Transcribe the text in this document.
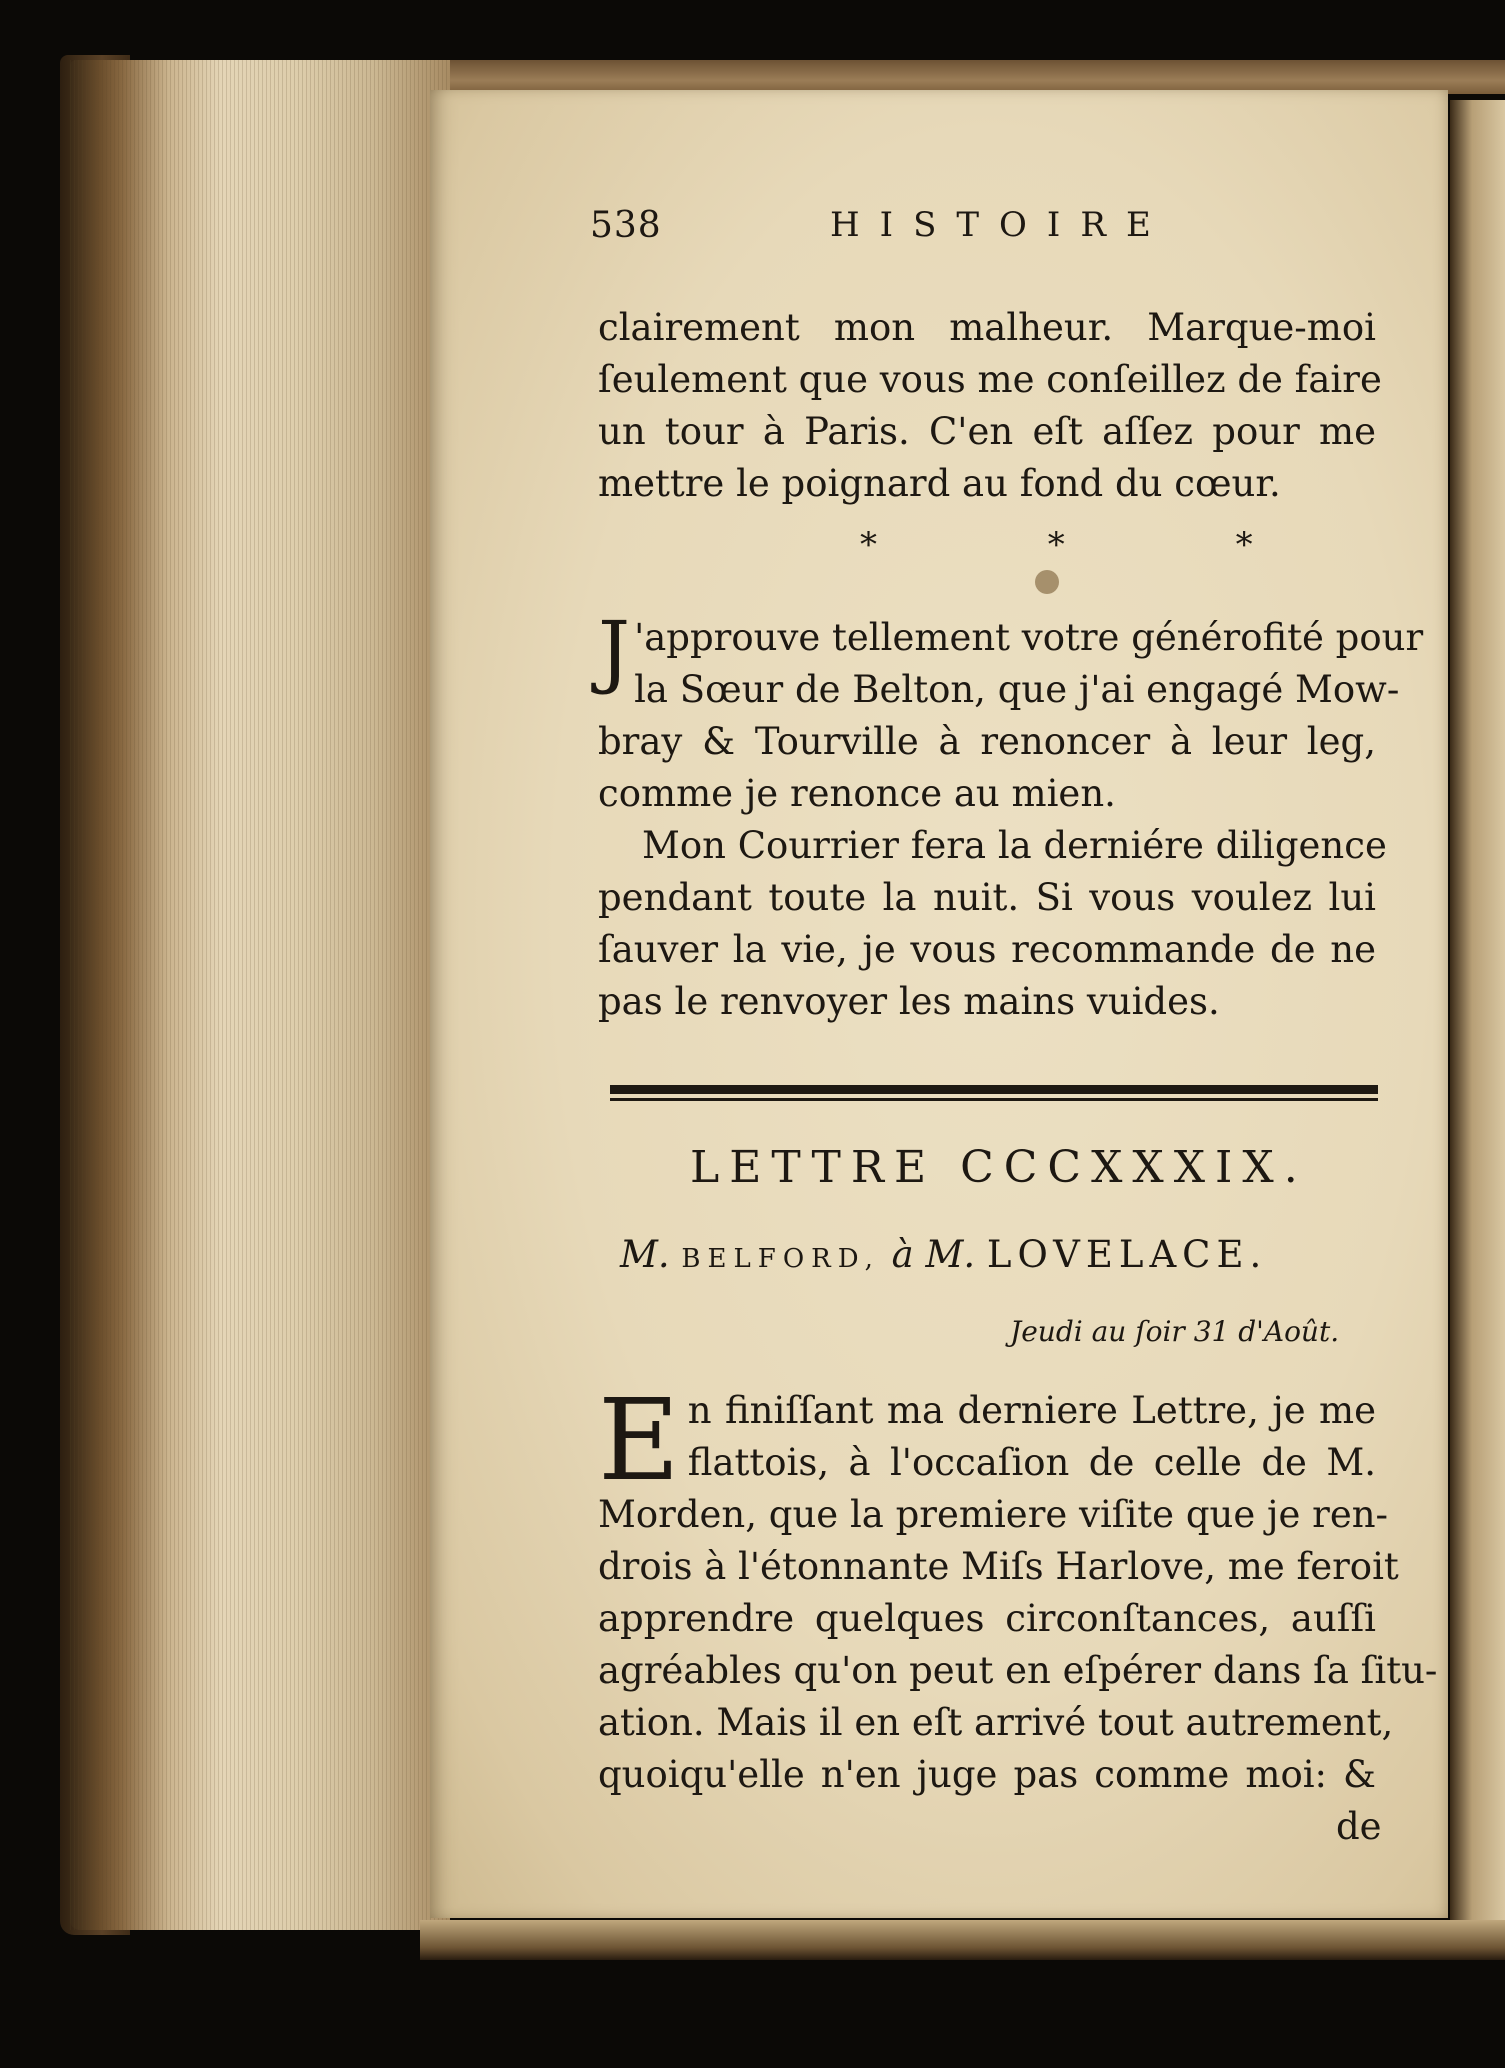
538	HISTOIRE
clairement mon malheur. Marque-moi
ſeulement que vous me conſeillez de faire
un tour à Paris. C'en eſt aſſez pour me
mettre le poignard au fond du cœur.
* * *
J 'approuve tellement votre générofité pour
la Sœur de Belton, que j'ai engagé Mow-
bray & Tourville à renoncer à leur leg,
comme je renonce au mien.
Mon Courrier fera la derniére diligence
pendant toute la nuit. Si vous voulez lui
ſauver la vie, je vous recommande de ne
pas le renvoyer les mains vuides.
LETTRE CCCXXXIX.
M. BELFORD, à M. LOVELACE.
Jeudi au ſoir 31 d'Août.
E n finiſſant ma derniere Lettre, je me
flattois, à l'occaſion de celle de M.
Morden, que la premiere viſite que je ren-
drois à l'étonnante Miſs Harlove, me feroit
apprendre quelques circonſtances, auſſi
agréables qu'on peut en eſpérer dans ſa ſitu-
ation. Mais il en eſt arrivé tout autrement,
quoiqu'elle n'en juge pas comme moi: &
de
